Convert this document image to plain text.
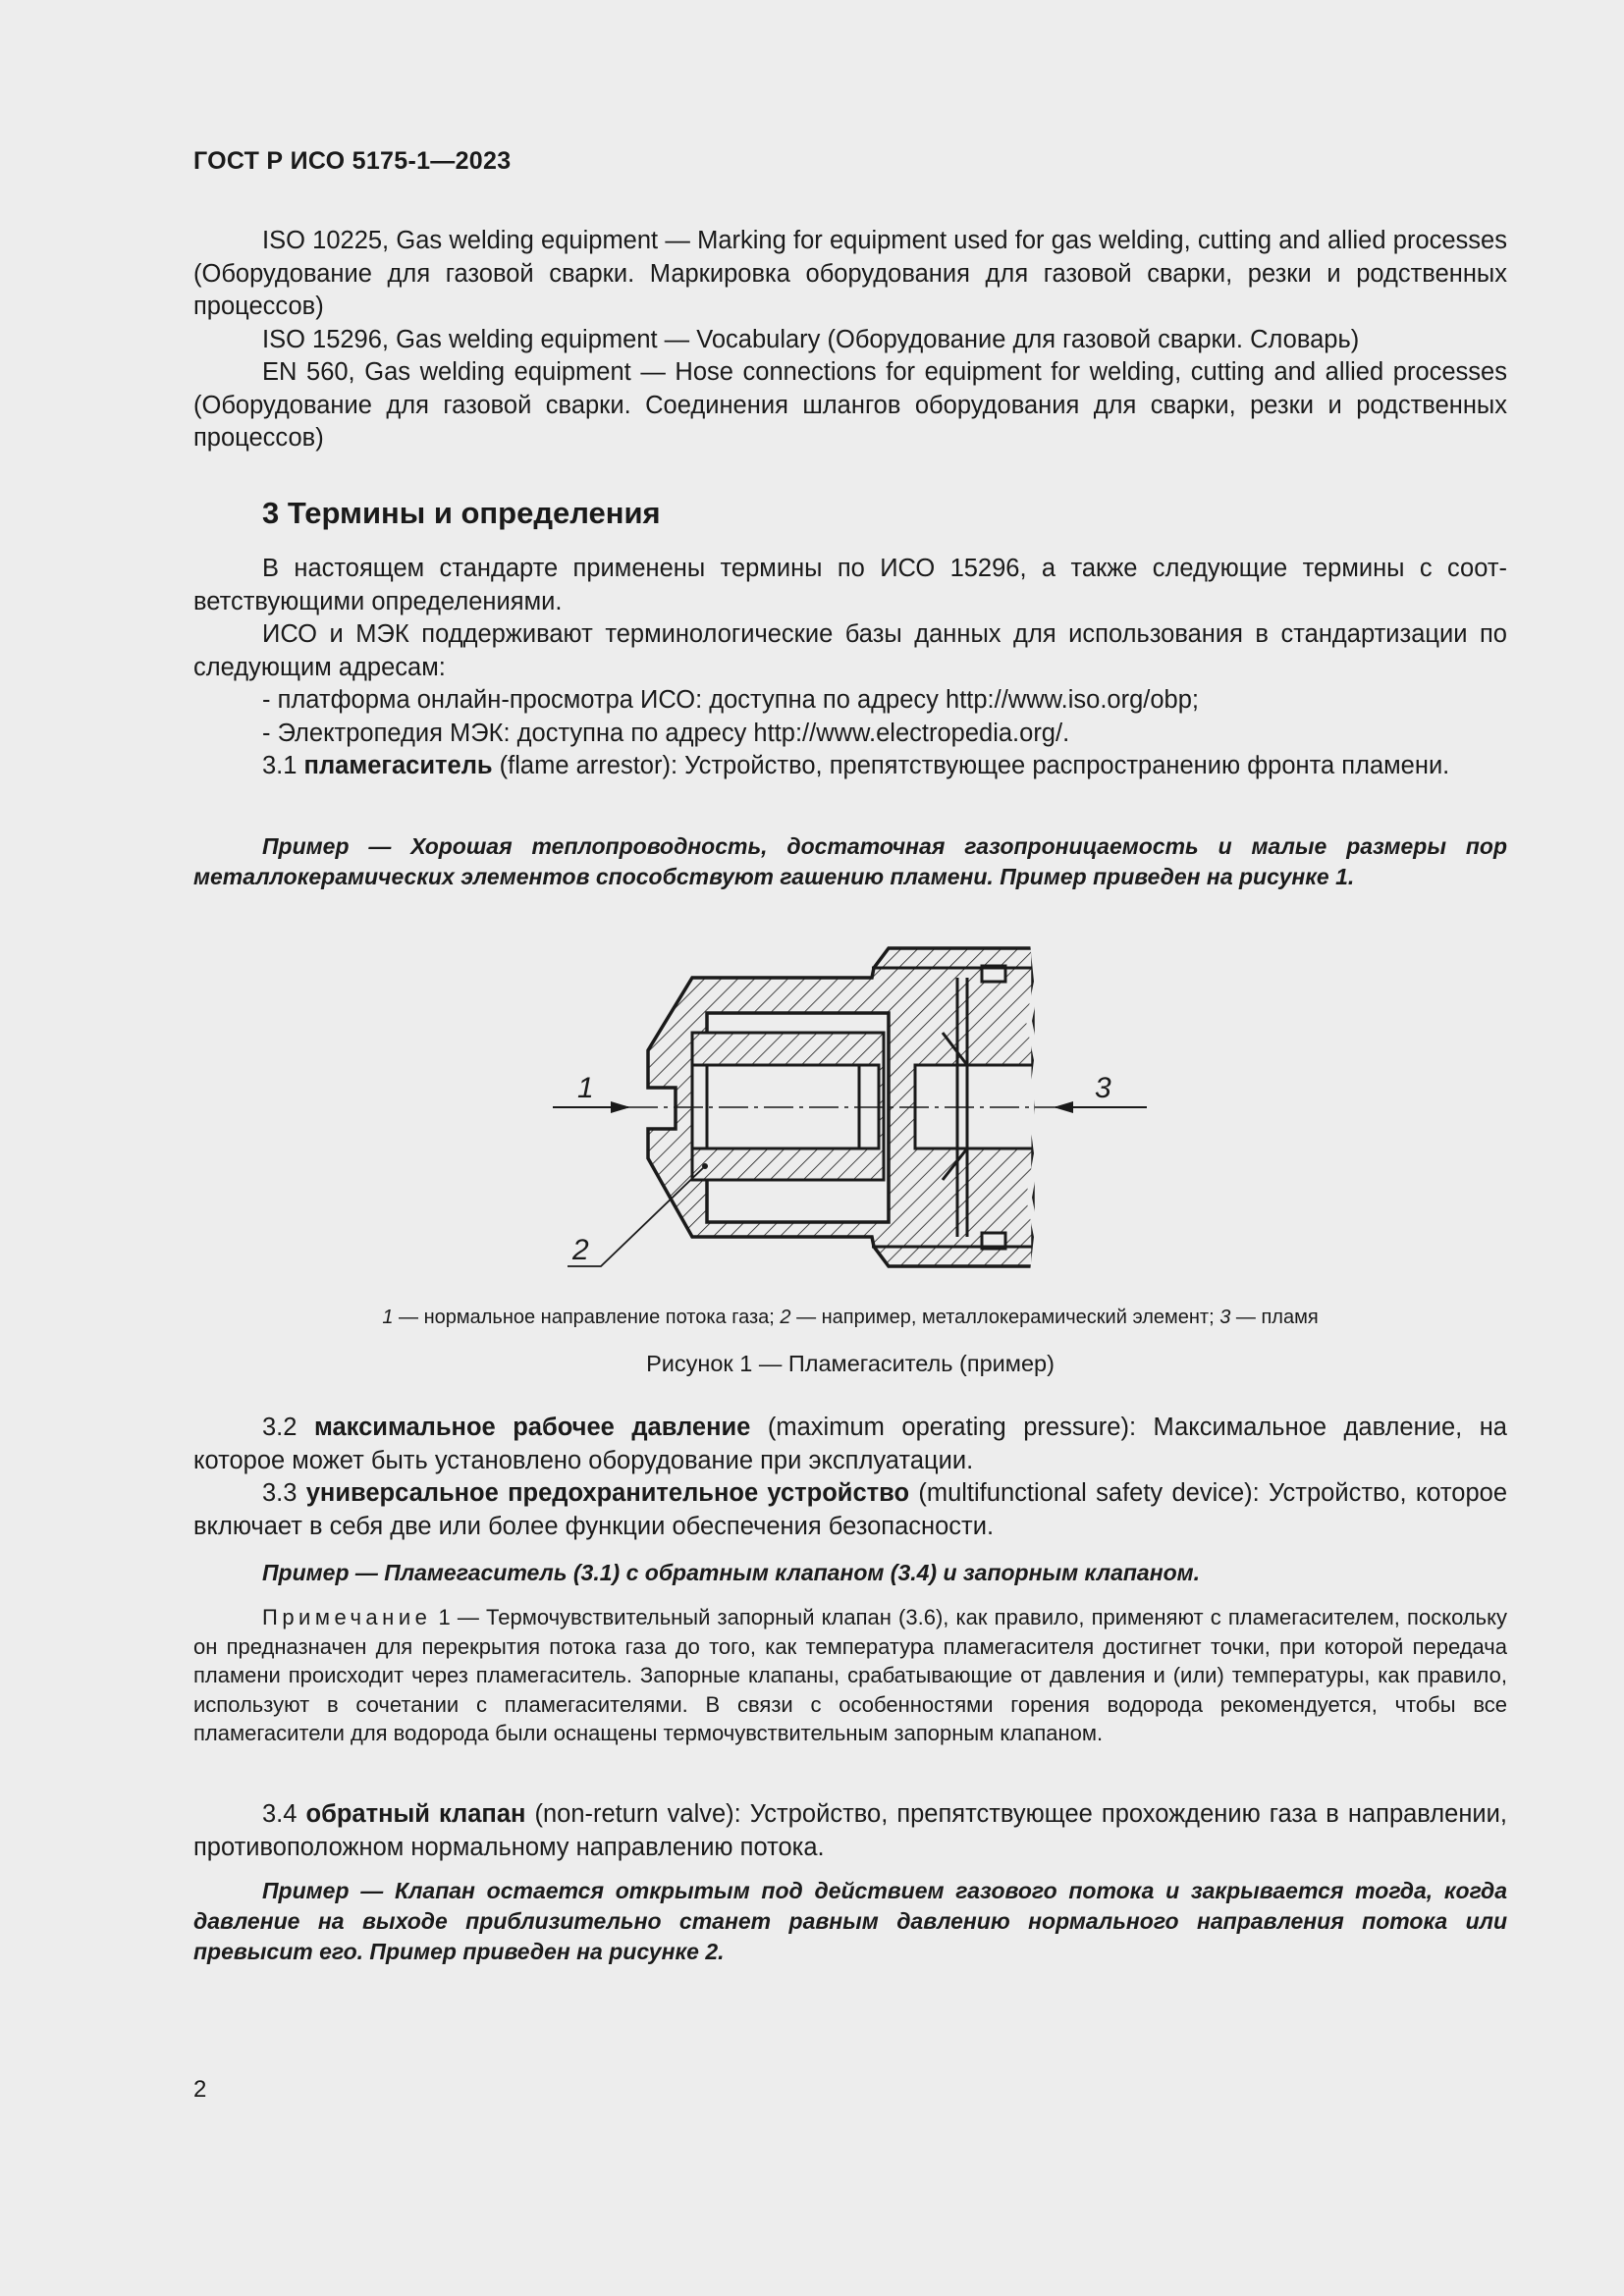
ГОСТ Р ИСО 5175-1—2023

ISO 10225, Gas welding equipment — Marking for equipment used for gas welding, cutting and allied processes (Оборудование для газовой сварки. Маркировка оборудования для газовой сварки, резки и родственных процессов)

ISO 15296, Gas welding equipment — Vocabulary (Оборудование для газовой сварки. Словарь)

EN 560, Gas welding equipment — Hose connections for equipment for welding, cutting and allied processes (Оборудование для газовой сварки. Соединения шлангов оборудования для сварки, резки и родственных процессов)

3 Термины и определения

В настоящем стандарте применены термины по ИСО 15296, а также следующие термины с соответствующими определениями.

ИСО и МЭК поддерживают терминологические базы данных для использования в стандартизации по следующим адресам:

- платформа онлайн-просмотра ИСО: доступна по адресу http://www.iso.org/obp;

- Электропедия МЭК: доступна по адресу http://www.electropedia.org/.

3.1 пламегаситель (flame arrestor): Устройство, препятствующее распространению фронта пламени.

Пример — Хорошая теплопроводность, достаточная газопроницаемость и малые размеры пор металлокерамических элементов способствуют гашению пламени. Пример приведен на рисунке 1.

1	3
2

1 — нормальное направление потока газа; 2 — например, металлокерамический элемент; 3 — пламя

Рисунок 1 — Пламегаситель (пример)

3.2 максимальное рабочее давление (maximum operating pressure): Максимальное давление, на которое может быть установлено оборудование при эксплуатации.

3.3 универсальное предохранительное устройство (multifunctional safety device): Устройство, которое включает в себя две или более функции обеспечения безопасности.

Пример — Пламегаситель (3.1) с обратным клапаном (3.4) и запорным клапаном.

Примечание 1 — Термочувствительный запорный клапан (3.6), как правило, применяют с пламегасителем, поскольку он предназначен для перекрытия потока газа до того, как температура пламегасителя достигнет точки, при которой передача пламени происходит через пламегаситель. Запорные клапаны, срабатывающие от давления и (или) температуры, как правило, используют в сочетании с пламегасителями. В связи с особенностями горения водорода рекомендуется, чтобы все пламегасители для водорода были оснащены термочувствительным запорным клапаном.

3.4 обратный клапан (non-return valve): Устройство, препятствующее прохождению газа в направлении, противоположном нормальному направлению потока.

Пример — Клапан остается открытым под действием газового потока и закрывается тогда, когда давление на выходе приблизительно станет равным давлению нормального направления потока или превысит его. Пример приведен на рисунке 2.

2
